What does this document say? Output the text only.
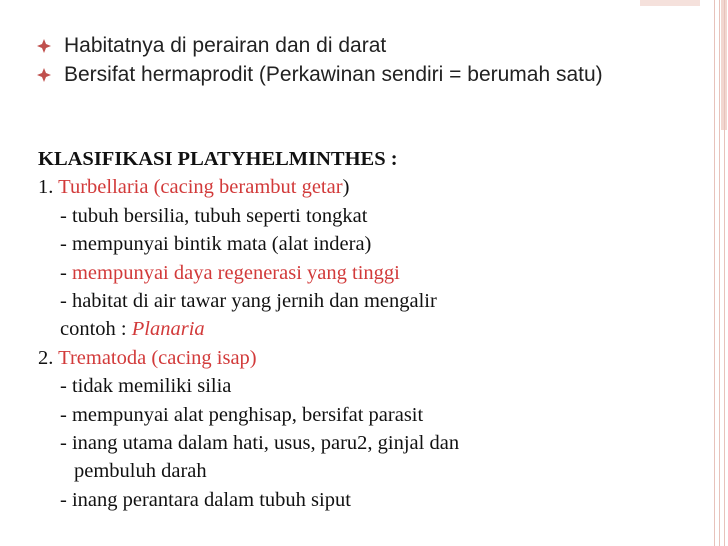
Habitatnya di perairan dan di darat
Bersifat hermaprodit (Perkawinan sendiri = berumah satu)
KLASIFIKASI PLATYHELMINTHES :
1. Turbellaria (cacing berambut getar)
- tubuh bersilia, tubuh seperti tongkat
- mempunyai bintik mata (alat indera)
- mempunyai daya regenerasi yang tinggi
- habitat di air tawar yang jernih dan mengalir
contoh : Planaria
2. Trematoda (cacing isap)
- tidak memiliki silia
- mempunyai alat penghisap, bersifat parasit
- inang utama dalam hati, usus, paru2, ginjal dan
pembuluh darah
- inang perantara dalam tubuh siput
